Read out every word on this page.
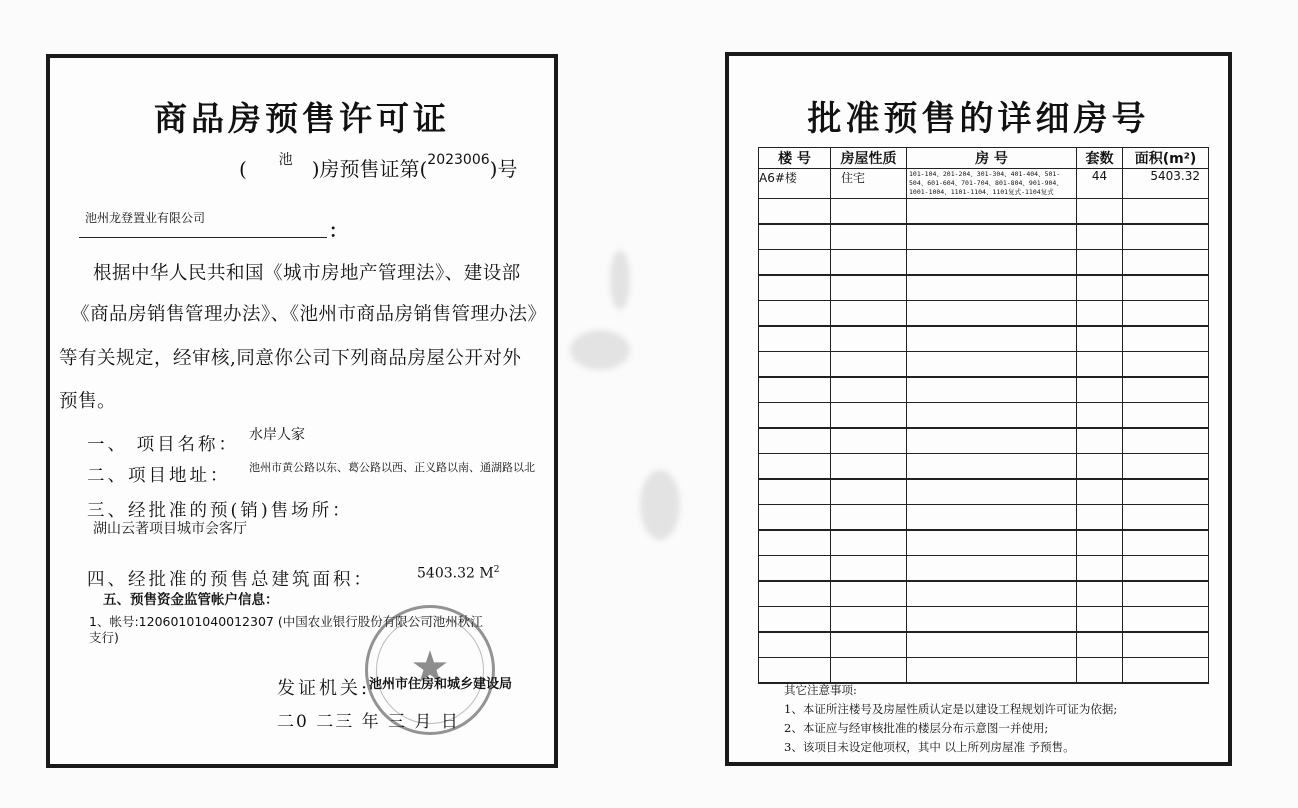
商品房预售许可证
( $^池$ )房预售证第($^{2023006}$)号
池州龙登置业有限公司
：
根据中华人民共和国《城市房地产管理法》、建设部
《商品房销售管理办法》、《池州市商品房销售管理办法》
等有关规定，经审核,同意你公司下列商品房屋公开对外
预售。
一、 项目名称： 水岸人家
二、项目地址： 池州市黄公路以东、葛公路以西、正义路以南、通湖路以北
三、经批准的预(销)售场所：
湖山云著项目城市会客厅
四、经批准的预售总建筑面积：	5403.32 $M^2$
五、预售资金监管帐户信息：
1、帐号:12060101040012307 (中国农业银行股份有限公司池州秋江
支行)
★
发证机关:
池州市住房和城乡建设局
二0 二三 年 三 月 日
批准预售的详细房号
楼 号	房屋性质	房 号	套数	面积(m²)
A6#楼	住宅	101-104、201-204、301-304、401-404、501-504、601-604、701-704、801-804、901-904、1001-1004、1101-1104、1101复式-1104复式	44	5403.32

其它注意事项:
1、本证所注楼号及房屋性质认定是以建设工程规划许可证为依据;
2、本证应与经审核批准的楼层分布示意图一并使用;
3、该项目未设定他项权，其中 以上所列房屋准 予预售。
